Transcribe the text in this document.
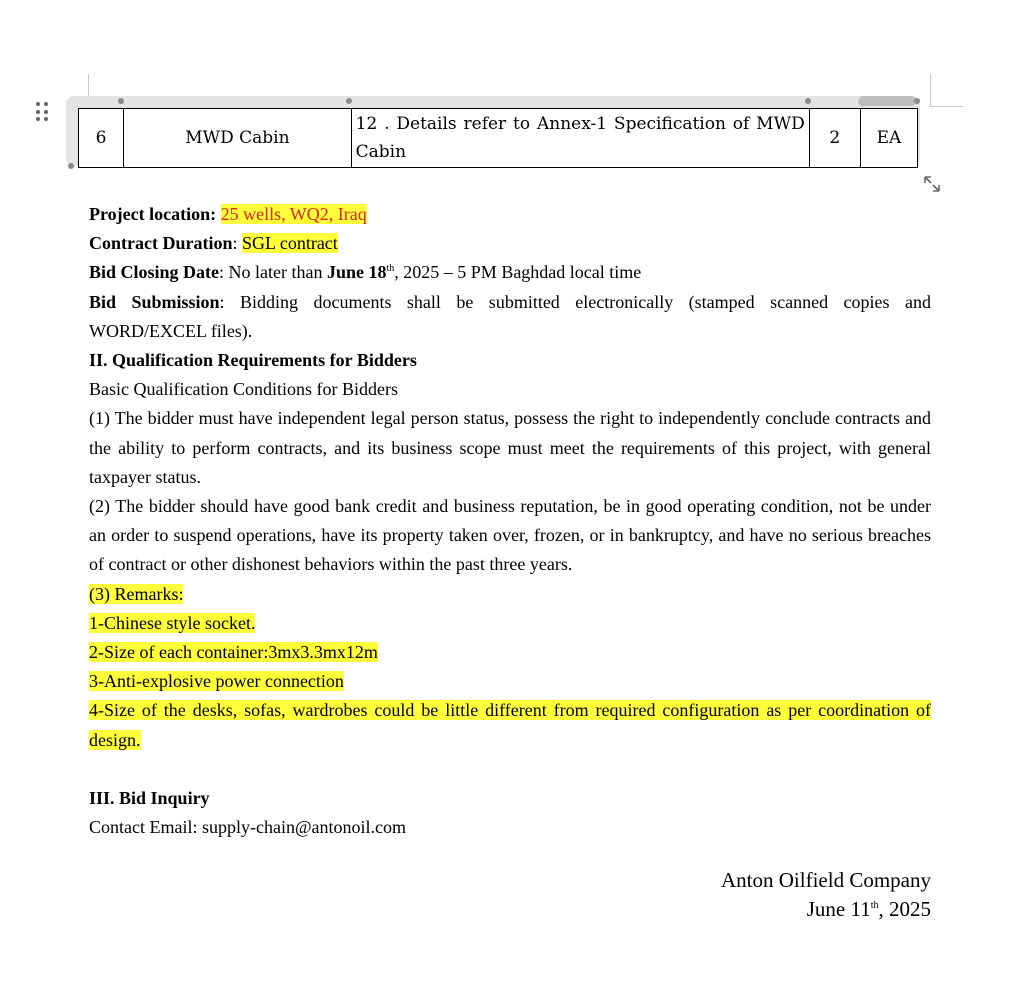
6	MWD Cabin	12 . Details refer to Annex-1 Specification of MWD Cabin	2	EA

Project location: 25 wells, WQ2, Iraq

Contract Duration: SGL contract

Bid Closing Date: No later than June 18th, 2025 – 5 PM Baghdad local time

Bid Submission: Bidding documents shall be submitted electronically (stamped scanned copies and WORD/EXCEL files).

II. Qualification Requirements for Bidders

Basic Qualification Conditions for Bidders

(1) The bidder must have independent legal person status, possess the right to independently conclude contracts and the ability to perform contracts, and its business scope must meet the requirements of this project, with general taxpayer status.

(2) The bidder should have good bank credit and business reputation, be in good operating condition, not be under an order to suspend operations, have its property taken over, frozen, or in bankruptcy, and have no serious breaches of contract or other dishonest behaviors within the past three years.

(3) Remarks:

1-Chinese style socket.

2-Size of each container:3mx3.3mx12m

3-Anti-explosive power connection

4-Size of the desks, sofas, wardrobes could be little different from required configuration as per coordination of design.

III. Bid Inquiry

Contact Email: supply-chain@antonoil.com

Anton Oilfield Company
June 11th, 2025
